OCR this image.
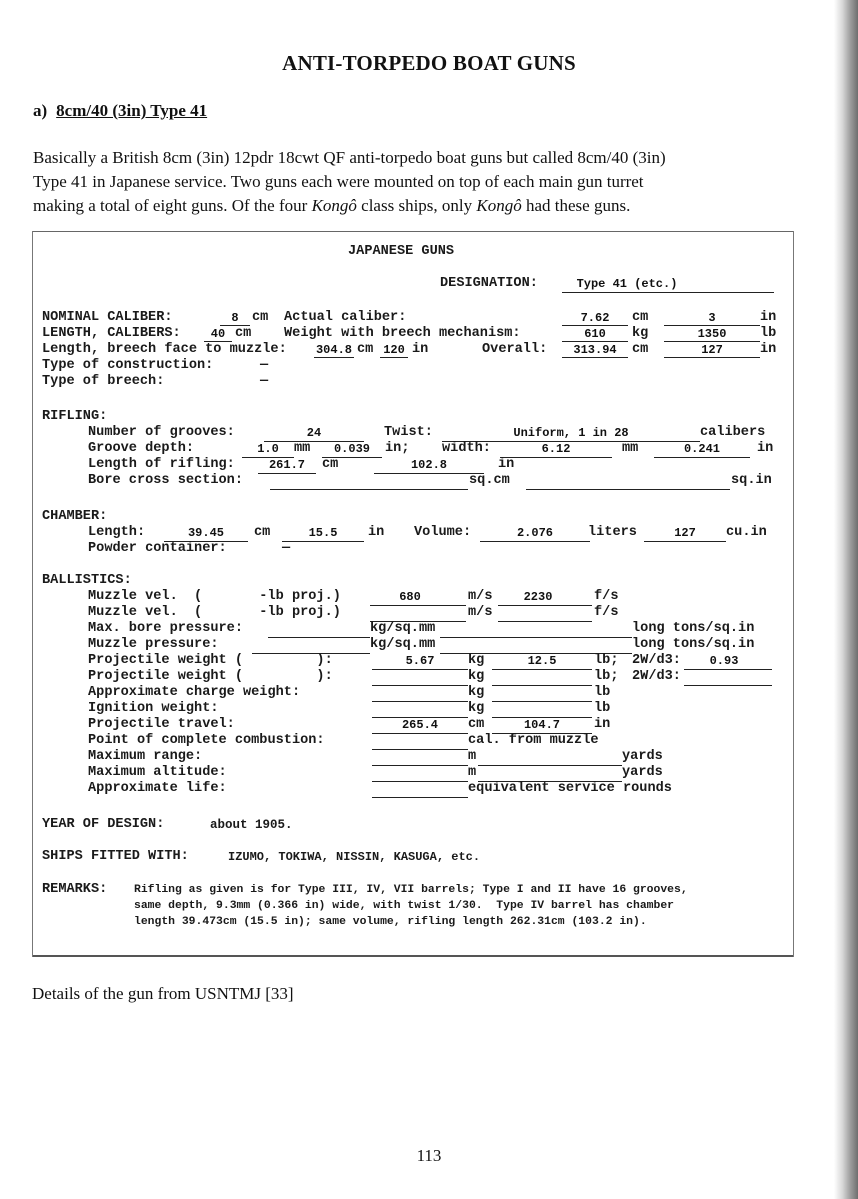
ANTI-TORPEDO BOAT GUNS
a) 8cm/40 (3in) Type 41

Basically a British 8cm (3in) 12pdr 18cwt QF anti-torpedo boat guns but called 8cm/40 (3in)

Type 41 in Japanese service. Two guns each were mounted on top of each main gun turret

making a total of eight guns. Of the four Kongô class ships, only Kongô had these guns.

JAPANESE GUNS
DESIGNATION:	Type 41 (etc.)
NOMINAL CALIBER:	8 cm Actual caliber:	7.62	cm	3	in
LENGTH, CALIBERS:	40 cm Weight with breech mechanism:	610	kg	1350	lb
Length, breech face to muzzle: 304.8 cm 120 in	Overall:	313.94	cm	127	in
Type of construction:	—
Type of breech:	—
RIFLING:
Number of grooves:	24	Twist:	Uniform, 1 in 28	calibers
Groove depth:	1.0	mm	0.039	in; width:	6.12	mm	0.241	in
Length of rifling:	261.7	cm	102.8	in
Bore cross section:	sq.cm	sq.in
CHAMBER:
Length:	39.45	cm	15.5	in Volume:	2.076	liters	127	cu.in
Powder container:	—
BALLISTICS:
Muzzle vel.  (       -lb proj.)	680	m/s	2230	f/s
Muzzle vel.  (       -lb proj.)	m/s	f/s
Max. bore pressure:	kg/sq.mm	long tons/sq.in
Muzzle pressure:	kg/sq.mm	long tons/sq.in
Projectile weight (         ):	5.67	kg	12.5	lb; 2W/d3:	0.93
Projectile weight (         ):	kg	lb; 2W/d3:
Approximate charge weight:	kg	lb
Ignition weight:	kg	lb
Projectile travel:	265.4	cm	104.7	in
Point of complete combustion:	cal. from muzzle
Maximum range:	m	yards
Maximum altitude:	m	yards
Approximate life:	equivalent service rounds
YEAR OF DESIGN:	about 1905.
SHIPS FITTED WITH:	IZUMO, TOKIWA, NISSIN, KASUGA, etc.
REMARKS: Rifling as given is for Type III, IV, VII barrels; Type I and II have 16 grooves,
same depth, 9.3mm (0.366 in) wide, with twist 1/30.  Type IV barrel has chamber
length 39.473cm (15.5 in); same volume, rifling length 262.31cm (103.2 in).
Details of the gun from USNTMJ [33]
113
